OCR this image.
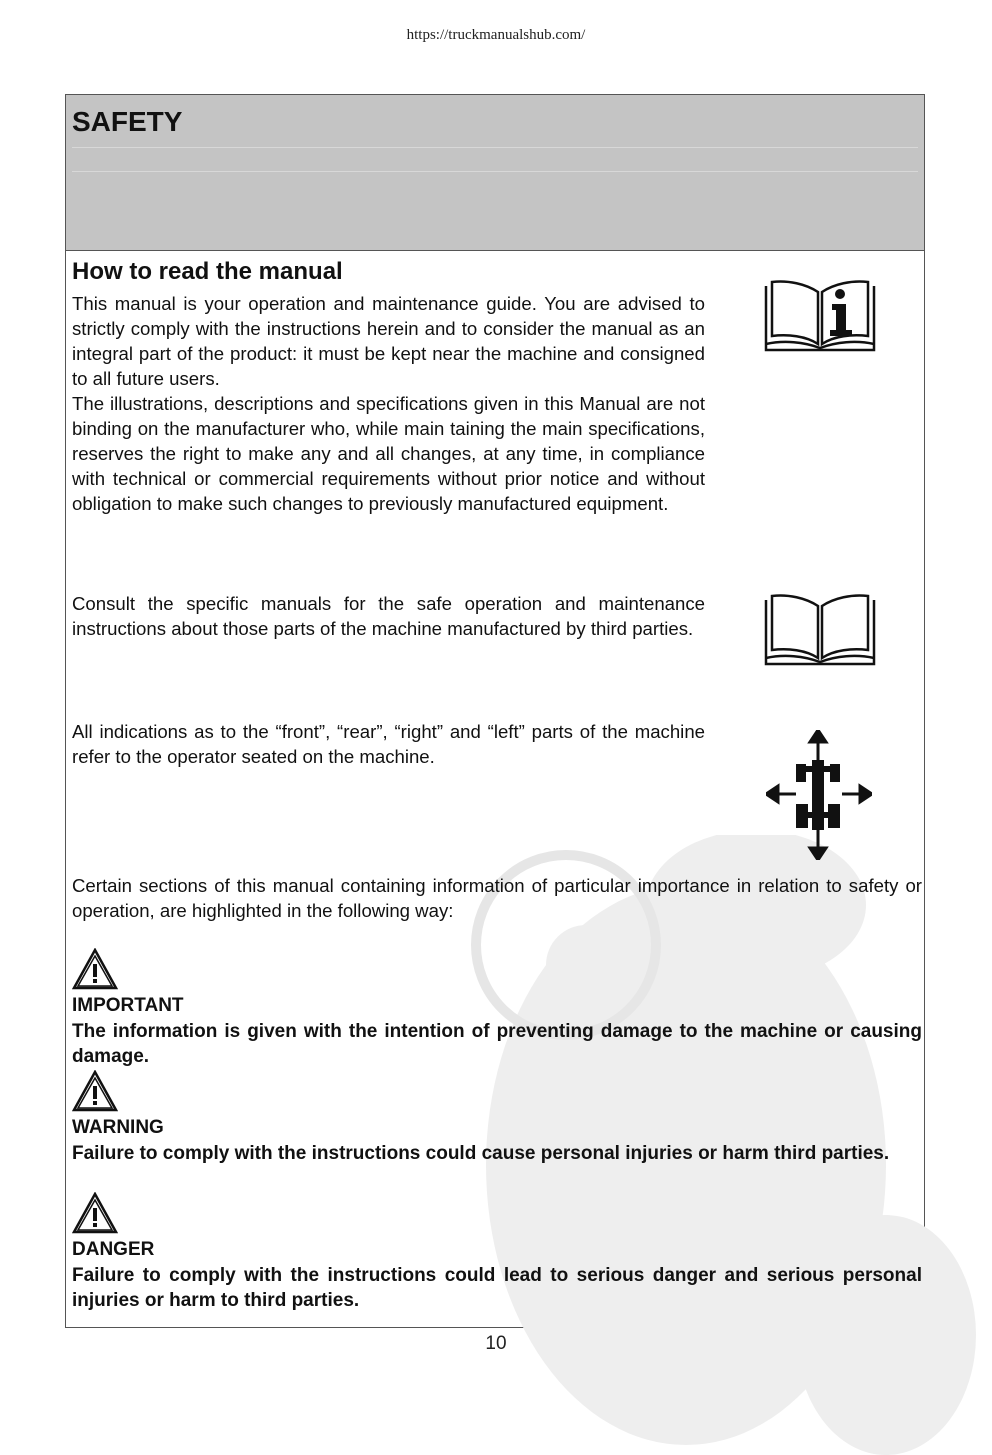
https://truckmanualshub.com/
SAFETY
How to read the manual
This manual is your operation and maintenance guide. You are advised to strictly comply with the instructions herein and to consider the manual as an integral part of the product: it must be kept near the machine and consigned to all future users.
The illustrations, descriptions and specifications given in this Manual are not binding on the manufacturer who, while main taining the main specifications, reserves the right to make any and all changes, at any time, in compliance with technical or commercial requirements without prior notice and without obligation to make such changes to previously manufactured equipment.
Consult the specific manuals for the safe operation and maintenance instructions about those parts of the machine manufactured by third parties.
All indications as to the “front”, “rear”, “right” and “left” parts of the machine refer to the operator seated on the machine.
Certain sections of this manual containing information of particular importance in relation to safety or operation, are highlighted in the following way:
IMPORTANT
The information is given with the intention of preventing damage to the machine or causing damage.
WARNING
Failure to comply with the instructions could cause personal injuries or harm third parties.
DANGER
Failure to comply with the instructions could lead to serious danger and serious personal injuries or harm to third parties.
10
